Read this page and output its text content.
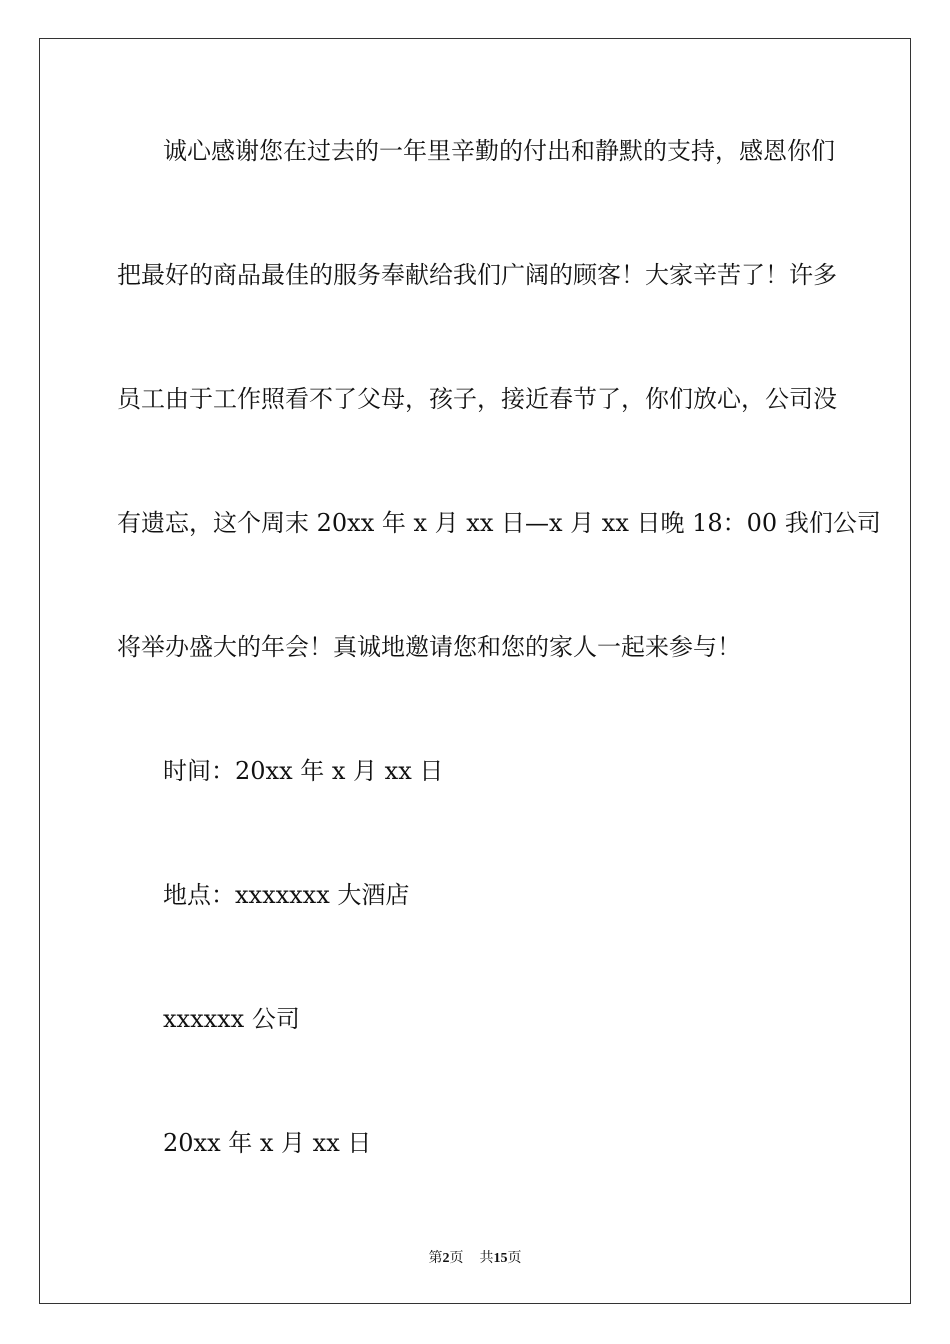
诚心感谢您在过去的一年里辛勤的付出和静默的支持，感恩你们
把最好的商品最佳的服务奉献给我们广阔的顾客！大家辛苦了！许多
员工由于工作照看不了父母，孩子，接近春节了，你们放心，公司没
有遗忘，这个周末 20xx 年 x 月 xx 日—x 月 xx 日晚 18：00 我们公司
将举办盛大的年会！真诚地邀请您和您的家人一起来参与！
时间：20xx 年 x 月 xx 日
地点：xxxxxxx 大酒店
xxxxxx 公司
20xx 年 x 月 xx 日
第2页 共15页
